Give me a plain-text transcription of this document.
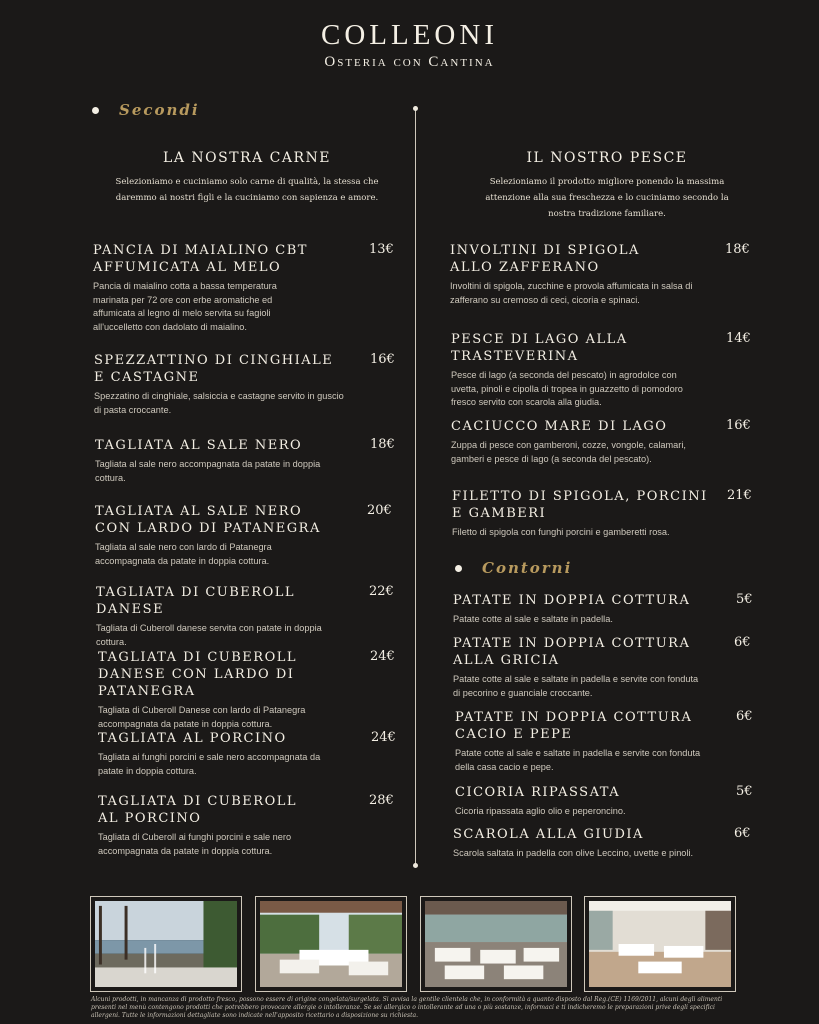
COLLEONI
Osteria con Cantina
Secondi
LA NOSTRA CARNE
Selezioniamo e cuciniamo solo carne di qualità, la stessa che daremmo ai nostri figli e la cuciniamo con sapienza e amore.
IL NOSTRO PESCE
Selezioniamo il prodotto migliore ponendo la massima attenzione alla sua freschezza e lo cuciniamo secondo la nostra tradizione familiare.
PANCIA DI MAIALINO CBT AFFUMICATA AL MELO
13€
Pancia di maialino cotta a bassa temperatura marinata per 72 ore con erbe aromatiche ed affumicata al legno di melo servita su fagioli all'uccelletto con dadolato di maialino.
SPEZZATTINO DI CINGHIALE E CASTAGNE
16€
Spezzatino di cinghiale, salsiccia e castagne servito in guscio di pasta croccante.
TAGLIATA AL SALE NERO	18€
Tagliata al sale nero accompagnata da patate in doppia cottura.
TAGLIATA AL SALE NERO CON LARDO DI PATANEGRA
20€
Tagliata al sale nero con lardo di Patanegra accompagnata da patate in doppia cottura.
TAGLIATA DI CUBEROLL DANESE
22€
Tagliata di Cuberoll danese servita con patate in doppia cottura.
TAGLIATA DI CUBEROLL DANESE CON LARDO DI PATANEGRA
24€
Tagliata di Cuberoll Danese con lardo di Patanegra accompagnata da patate in doppia cottura.
TAGLIATA AL PORCINO	24€
Tagliata ai funghi porcini e sale nero accompagnata da patate in doppia cottura.
TAGLIATA DI CUBEROLL AL PORCINO
28€
Tagliata di Cuberoll ai funghi porcini e sale nero accompagnata da patate in doppia cottura.
INVOLTINI DI SPIGOLA ALLO ZAFFERANO
18€
Involtini di spigola, zucchine e provola affumicata in salsa di zafferano su cremoso di ceci, cicoria e spinaci.
PESCE DI LAGO ALLA TRASTEVERINA
14€
Pesce di lago (a seconda del pescato) in agrodolce con uvetta, pinoli e cipolla di tropea in guazzetto di pomodoro fresco servito con scarola alla giudia.
CACIUCCO MARE DI LAGO	16€
Zuppa di pesce con gamberoni, cozze, vongole, calamari, gamberi e pesce di lago (a seconda del pescato).
FILETTO DI SPIGOLA, PORCINI E GAMBERI
21€
Filetto di spigola con funghi porcini e gamberetti rosa.
Contorni
PATATE IN DOPPIA COTTURA	5€
Patate cotte al sale e saltate in padella.
PATATE IN DOPPIA COTTURA ALLA GRICIA
6€
Patate cotte al sale e saltate in padella e servite con fonduta di pecorino e guanciale croccante.
PATATE IN DOPPIA COTTURA CACIO E PEPE
6€
Patate cotte al sale e saltate in padella e servite con fonduta della casa cacio e pepe.
CICORIA RIPASSATA	5€
Cicoria ripassata aglio olio e peperoncino.
SCAROLA ALLA GIUDIA	6€
Scarola saltata in padella con olive Leccino, uvette e pinoli.
Alcuni prodotti, in mancanza di prodotto fresco, possono essere di origine congelata/surgelata. Si avvisa la gentile clientela che, in conformità a quanto disposto dal Reg.(CE) 1169/2011, alcuni degli alimenti presenti nel menù contengono prodotti che potrebbero provocare allergie o intolleranze. Se sei allergico o intollerante ad una o più sostanze, informaci e ti indicheremo le preparazioni prive degli specifici allergeni. Tutte le informazioni dettagliate sono indicate nell'apposito ricettario a disposizione su richiesta.
